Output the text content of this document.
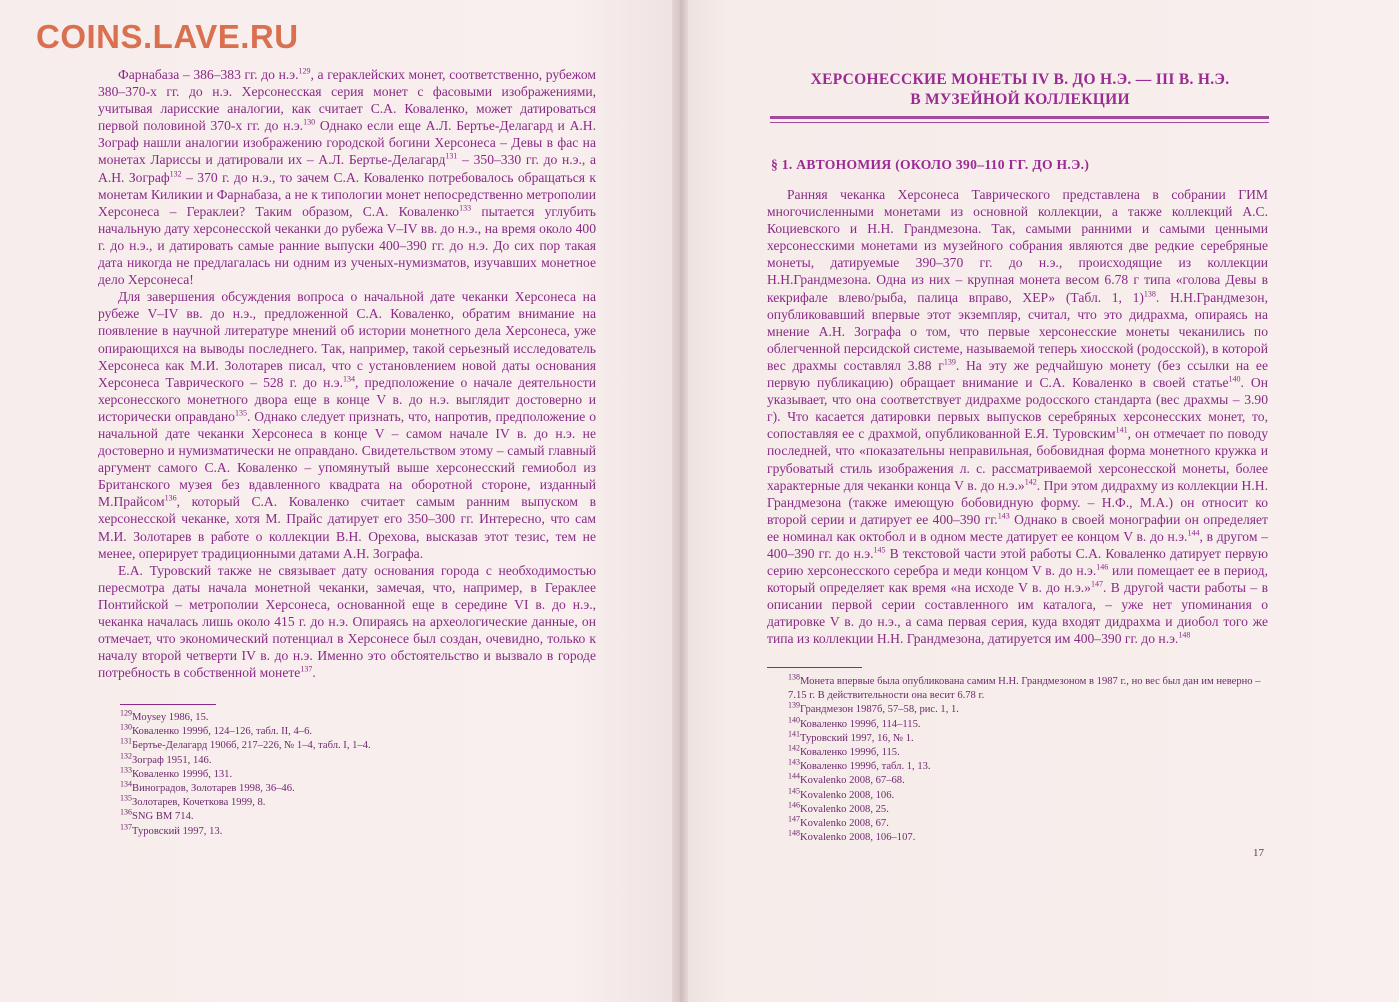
COINS.LAVE.RU

Фарнабаза – 386–383 гг. до н.э.$^{129}$, а гераклейских монет, соответственно, рубежом 380–370-х гг. до н.э. Херсонесская серия монет с фасовыми изображениями, учитывая ларисские аналогии, как считает С.А. Коваленко, может датироваться первой половиной 370-х гг. до н.э.$^{130}$ Однако если еще А.Л. Бертье-Делагард и А.Н. Зограф нашли аналогии изображению городской богини Херсонеса – Девы в фас на монетах Лариссы и датировали их – А.Л. Бертье-Делагард$^{131}$ – 350–330 гг. до н.э., а А.Н. Зограф$^{132}$ – 370 г. до н.э., то зачем С.А. Коваленко потребовалось обращаться к монетам Киликии и Фарнабаза, а не к типологии монет непосредственно метрополии Херсонеса – Гераклеи? Таким образом, С.А. Коваленко$^{133}$ пытается углубить начальную дату херсонесской чеканки до рубежа V–IV вв. до н.э., на время около 400 г. до н.э., и датировать самые ранние выпуски 400–390 гг. до н.э. До сих пор такая дата никогда не предлагалась ни одним из ученых-нумизматов, изучавших монетное дело Херсонеса!

Для завершения обсуждения вопроса о начальной дате чеканки Херсонеса на рубеже V–IV вв. до н.э., предложенной С.А. Коваленко, обратим внимание на появление в научной литературе мнений об истории монетного дела Херсонеса, уже опирающихся на выводы последнего. Так, например, такой серьезный исследователь Херсонеса как М.И. Золотарев писал, что с установлением новой даты основания Херсонеса Таврического – 528 г. до н.э.$^{134}$, предположение о начале деятельности херсонесского монетного двора еще в конце V в. до н.э. выглядит достоверно и исторически оправдано$^{135}$. Однако следует признать, что, напротив, предположение о начальной дате чеканки Херсонеса в конце V – самом начале IV в. до н.э. не достоверно и нумизматически не оправдано. Свидетельством этому – самый главный аргумент самого С.А. Коваленко – упомянутый выше херсонесский гемиобол из Британского музея без вдавленного квадрата на оборотной стороне, изданный М.Прайсом$^{136}$, который С.А. Коваленко считает самым ранним выпуском в херсонесской чеканке, хотя М. Прайс датирует его 350–300 гг. Интересно, что сам М.И. Золотарев в работе о коллекции В.Н. Орехова, высказав этот тезис, тем не менее, оперирует традиционными датами А.Н. Зографа.

Е.А. Туровский также не связывает дату основания города с необходимостью пересмотра даты начала монетной чеканки, замечая, что, например, в Гераклее Понтийской – метрополии Херсонеса, основанной еще в середине VI в. до н.э., чеканка началась лишь около 415 г. до н.э. Опираясь на археологические данные, он отмечает, что экономический потенциал в Херсонесе был создан, очевидно, только к началу второй четверти IV в. до н.э. Именно это обстоятельство и вызвало в городе потребность в собственной монете$^{137}$.

$^{129}$Moysey 1986, 15.
$^{130}$Коваленко 1999б, 124–126, табл. II, 4–6.
$^{131}$Бертье-Делагард 1906б, 217–226, № 1–4, табл. I, 1–4.
$^{132}$Зограф 1951, 146.
$^{133}$Коваленко 1999б, 131.
$^{134}$Виноградов, Золотарев 1998, 36–46.
$^{135}$Золотарев, Кочеткова 1999, 8.
$^{136}$SNG BM 714.
$^{137}$Туровский 1997, 13.
ХЕРСОНЕССКИЕ МОНЕТЫ IV В. ДО Н.Э. — III В. Н.Э.
В МУЗЕЙНОЙ КОЛЛЕКЦИИ
§ 1. АВТОНОМИЯ (ОКОЛО 390–110 ГГ. ДО Н.Э.)

Ранняя чеканка Херсонеса Таврического представлена в собрании ГИМ многочисленными монетами из основной коллекции, а также коллекций А.С. Коциевского и Н.Н. Грандмезона. Так, самыми ранними и самыми ценными херсонесскими монетами из музейного собрания являются две редкие серебряные монеты, датируемые 390–370 гг. до н.э., происходящие из коллекции Н.Н.Грандмезона. Одна из них – крупная монета весом 6.78 г типа «голова Девы в кекрифале влево/рыба, палица вправо, ХЕР» (Табл. 1, 1)$^{138}$. Н.Н.Грандмезон, опубликовавший впервые этот экземпляр, считал, что это дидрахма, опираясь на мнение А.Н. Зографа о том, что первые херсонесские монеты чеканились по облегченной персидской системе, называемой теперь хиосской (родосской), в которой вес драхмы составлял 3.88 $г^{139}$. На эту же редчайшую монету (без ссылки на ее первую публикацию) обращает внимание и С.А. Коваленко в своей статье$^{140}$. Он указывает, что она соответствует дидрахме родосского стандарта (вес драхмы – 3.90 г). Что касается датировки первых выпусков серебряных херсонесских монет, то, сопоставляя ее с драхмой, опубликованной Е.Я. Туровским$^{141}$, он отмечает по поводу последней, что «показательны неправильная, бобовидная форма монетного кружка и грубоватый стиль изображения л. с. рассматриваемой херсонесской монеты, более характерные для чеканки конца V в. до н.э.»$^{142}$. При этом дидрахму из коллекции Н.Н. Грандмезона (также имеющую бобовидную форму. – Н.Ф., М.А.) он относит ко второй серии и датирует ее 400–390 гг.$^{143}$ Однако в своей монографии он определяет ее номинал как октобол и в одном месте датирует ее концом V в. до н.э.$^{144}$, в другом – 400–390 гг. до н.э.$^{145}$ В текстовой части этой работы С.А. Коваленко датирует первую серию херсонесского серебра и меди концом V в. до н.э.$^{146}$ или помещает ее в период, который определяет как время «на исходе V в. до н.э.»$^{147}$. В другой части работы – в описании первой серии составленного им каталога, – уже нет упоминания о датировке V в. до н.э., а сама первая серия, куда входят дидрахма и диобол того же типа из коллекции Н.Н. Грандмезона, датируется им 400–390 гг. до н.э.$^{148}$

$^{138}$Монета впервые была опубликована самим Н.Н. Грандмезоном в 1987 г., но вес был дан им неверно – 7.15 г. В действительности она весит 6.78 г.
$^{139}$Грандмезон 1987б, 57–58, рис. 1, 1.
$^{140}$Коваленко 1999б, 114–115.
$^{141}$Туровский 1997, 16, № 1.
$^{142}$Коваленко 1999б, 115.
$^{143}$Коваленко 1999б, табл. 1, 13.
$^{144}$Kovalenko 2008, 67–68.
$^{145}$Kovalenko 2008, 106.
$^{146}$Kovalenko 2008, 25.
$^{147}$Kovalenko 2008, 67.
$^{148}$Kovalenko 2008, 106–107.
17
